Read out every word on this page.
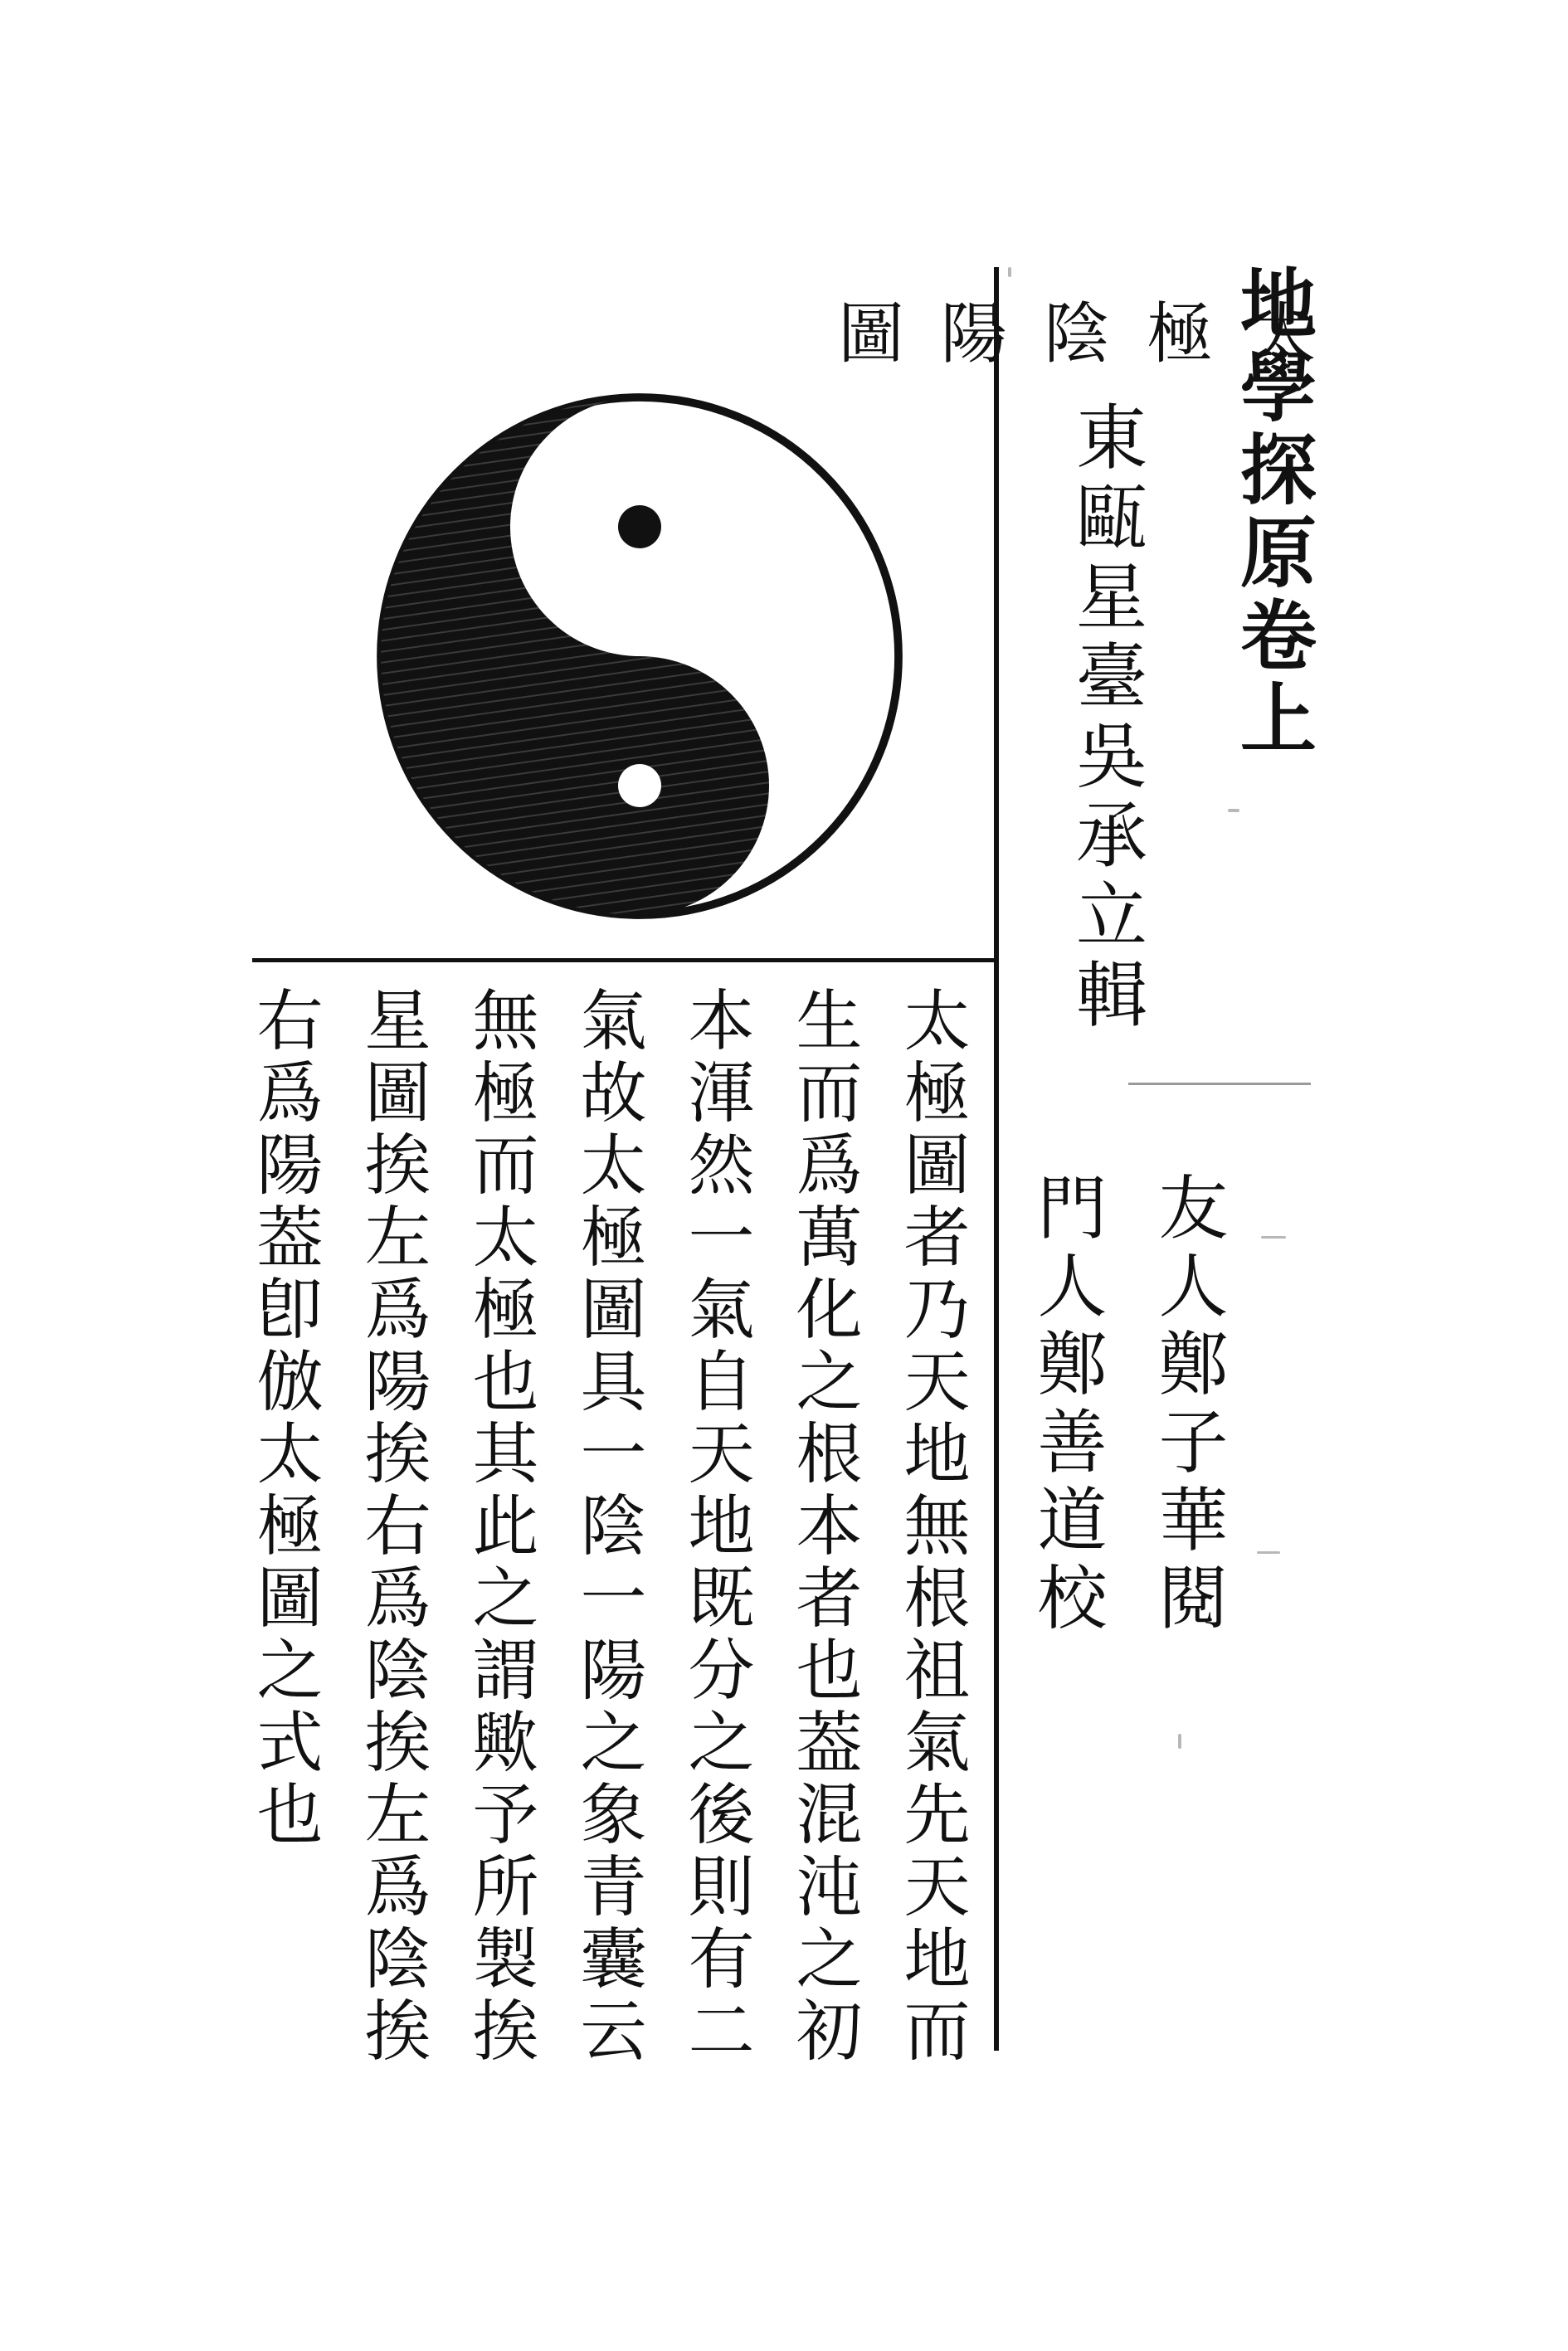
地學探原卷上
東甌星臺吳承立輯
友人鄭子華閱
門人鄭善道校
太極陰陽圖
太極圖者乃天地無根祖氣先天地而
生而爲萬化之根本者也葢混沌之初
本渾然一氣自天地既分之後則有二
氣故太極圖具一陰一陽之象青囊云
無極而太極也其此之謂歟予所製挨
星圖挨左爲陽挨右爲陰挨左爲陰挨
右爲陽葢卽倣太極圖之式也
